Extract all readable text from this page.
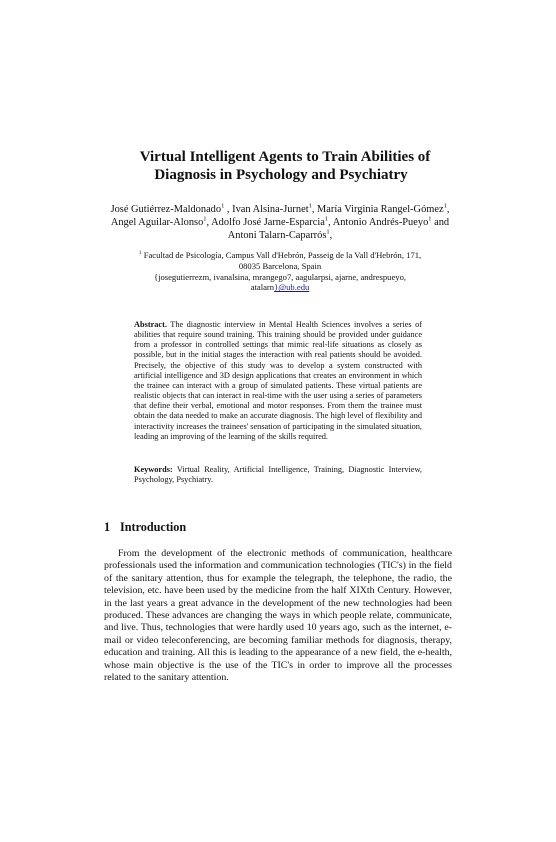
Virtual Intelligent Agents to Train Abilities of
Diagnosis in Psychology and Psychiatry
José Gutiérrez-Maldonado$^1$ , Ivan Alsina-Jurnet$^1$, María Virginia Rangel-Gómez$^1$, Angel Aguilar-Alonso$^1$, Adolfo José Jarne-Esparcia$^1$, Antonio Andrés-Pueyo$^1$ and
Antoni Talarn-Caparrós$^1$,
$^1$ Facultad de Psicología, Campus Vall d'Hebrón, Passeig de la Vall d'Hebrón, 171,
08035 Barcelona, Spain
{josegutierrezm, ivanalsina, mrangego7, aagularpsi, ajarne, andrespueyo,
atalarn}@ub.edu

Abstract. The diagnostic interview in Mental Health Sciences involves a series of abilities that require sound training. This training should be provided under guidance from a professor in controlled settings that mimic real-life situations as closely as possible, but in the initial stages the interaction with real patients should be avoided. Precisely, the objective of this study was to develop a system constructed with artificial intelligence and 3D design applications that creates an environment in which the trainee can interact with a group of simulated patients. These virtual patients are realistic objects that can interact in real-time with the user using a series of parameters that define their verbal, emotional and motor responses. From them the trainee must obtain the data needed to make an accurate diagnosis. The high level of flexibility and interactivity increases the trainees' sensation of participating in the simulated situation, leading an improving of the learning of the skills required.

Keywords: Virtual Reality, Artificial Intelligence, Training, Diagnostic Interview, Psychology, Psychiatry.

1 Introduction

From the development of the electronic methods of communication, healthcare professionals used the information and communication technologies (TIC's) in the field of the sanitary attention, thus for example the telegraph, the telephone, the radio, the television, etc. have been used by the medicine from the half XIXth Century. However, in the last years a great advance in the development of the new technologies had been produced. These advances are changing the ways in which people relate, communicate, and live. Thus, technologies that were hardly used 10 years ago, such as the internet, e-mail or video teleconferencing, are becoming familiar methods for diagnosis, therapy, education and training. All this is leading to the appearance of a new field, the e-health, whose main objective is the use of the TIC's in order to improve all the processes related to the sanitary attention.
